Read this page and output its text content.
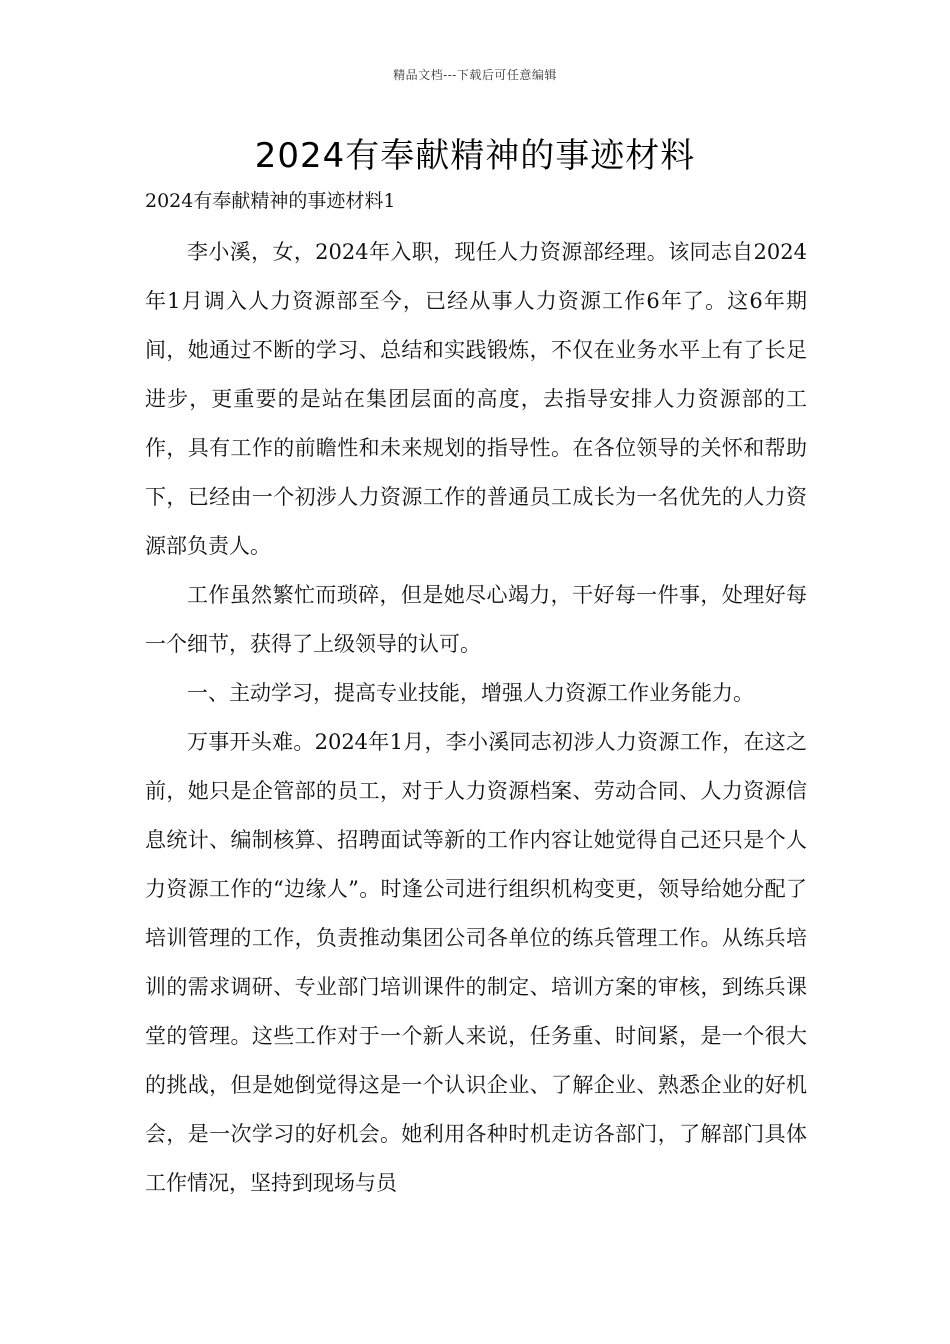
精品文档---下载后可任意编辑
2024有奉献精神的事迹材料
2024有奉献精神的事迹材料1

李小溪，女，2024年入职，现任人力资源部经理。该同志自2024年1月调入人力资源部至今，已经从事人力资源工作6年了。这6年期间，她通过不断的学习、总结和实践锻炼，不仅在业务水平上有了长足进步，更重要的是站在集团层面的高度，去指导安排人力资源部的工作，具有工作的前瞻性和未来规划的指导性。在各位领导的关怀和帮助下，已经由一个初涉人力资源工作的普通员工成长为一名优先的人力资源部负责人。

工作虽然繁忙而琐碎，但是她尽心竭力，干好每一件事，处理好每一个细节，获得了上级领导的认可。

一、主动学习，提高专业技能，增强人力资源工作业务能力。

万事开头难。2024年1月，李小溪同志初涉人力资源工作，在这之前，她只是企管部的员工，对于人力资源档案、劳动合同、人力资源信息统计、编制核算、招聘面试等新的工作内容让她觉得自己还只是个人力资源工作的“边缘人”。时逢公司进行组织机构变更，领导给她分配了培训管理的工作，负责推动集团公司各单位的练兵管理工作。从练兵培训的需求调研、专业部门培训课件的制定、培训方案的审核，到练兵课堂的管理。这些工作对于一个新人来说，任务重、时间紧，是一个很大的挑战，但是她倒觉得这是一个认识企业、了解企业、熟悉企业的好机会，是一次学习的好机会。她利用各种时机走访各部门，了解部门具体工作情况，坚持到现场与员
